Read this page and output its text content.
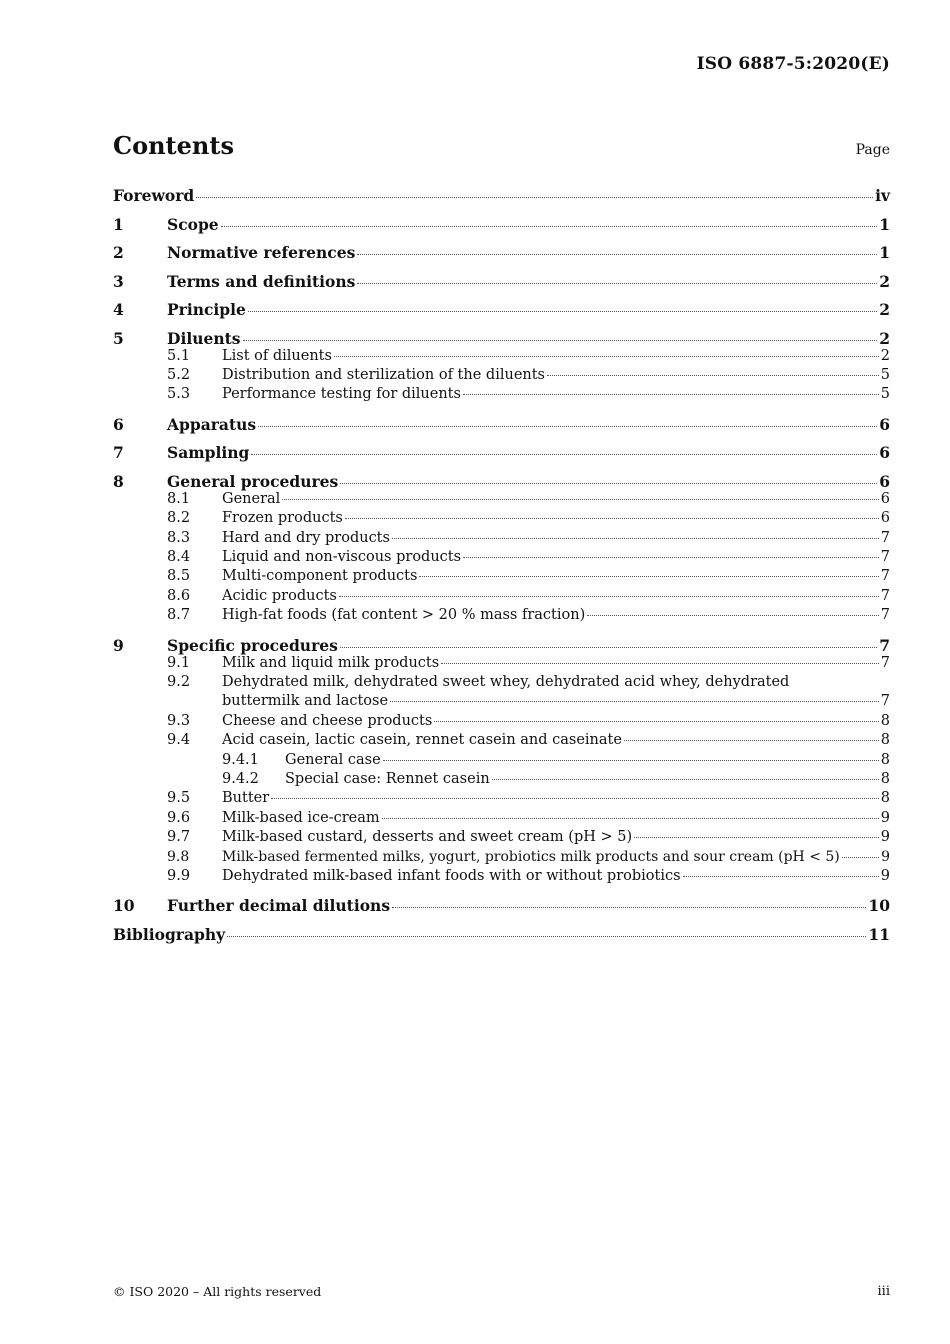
ISO 6887-5:2020(E)
Contents	Page
Foreword	iv
1	Scope	1
2	Normative references	1
3	Terms and definitions	2
4	Principle	2
5	Diluents	2
5.1	List of diluents	2
5.2	Distribution and sterilization of the diluents	5
5.3	Performance testing for diluents	5
6	Apparatus	6
7	Sampling	6
8	General procedures	6
8.1	General	6
8.2	Frozen products	6
8.3	Hard and dry products	7
8.4	Liquid and non-viscous products	7
8.5	Multi-component products	7
8.6	Acidic products	7
8.7	High-fat foods (fat content > 20 % mass fraction)	7
9	Specific procedures	7
9.1	Milk and liquid milk products	7
9.2	Dehydrated milk, dehydrated sweet whey, dehydrated acid whey, dehydrated
buttermilk and lactose	7
9.3	Cheese and cheese products	8
9.4	Acid casein, lactic casein, rennet casein and caseinate	8
9.4.1	General case	8
9.4.2	Special case: Rennet casein	8
9.5	Butter	8
9.6	Milk-based ice-cream	9
9.7	Milk-based custard, desserts and sweet cream (pH > 5)	9
9.8	Milk-based fermented milks, yogurt, probiotics milk products and sour cream (pH < 5)	9
9.9	Dehydrated milk-based infant foods with or without probiotics	9
10	Further decimal dilutions	10
Bibliography	11
© ISO 2020 – All rights reserved	iii
